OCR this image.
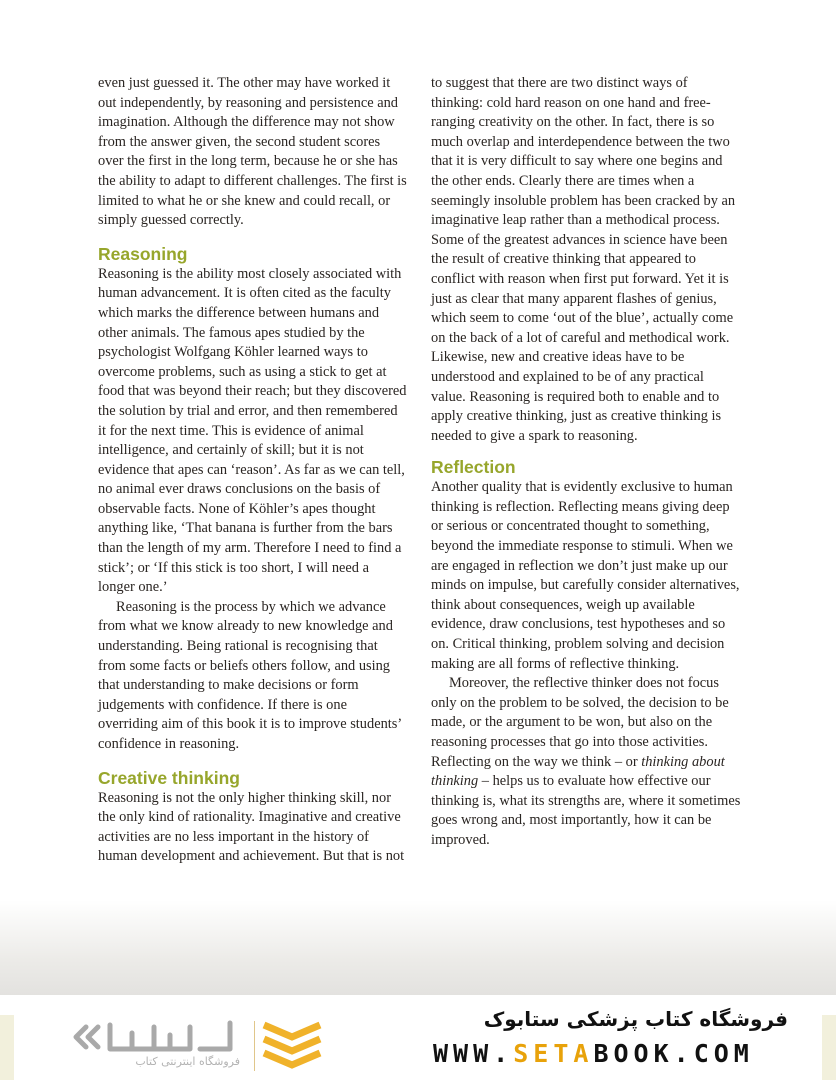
even just guessed it. The other may have worked it out independently, by reasoning and persistence and imagination. Although the difference may not show from the answer given, the second student scores over the first in the long term, because he or she has the ability to adapt to different challenges. The first is limited to what he or she knew and could recall, or simply guessed correctly.

Reasoning

Reasoning is the ability most closely associated with human advancement. It is often cited as the faculty which marks the difference between humans and other animals. The famous apes studied by the psychologist Wolfgang Köhler learned ways to overcome problems, such as using a stick to get at food that was beyond their reach; but they discovered the solution by trial and error, and then remembered it for the next time. This is evidence of animal intelligence, and certainly of skill; but it is not evidence that apes can ‘reason’. As far as we can tell, no animal ever draws conclusions on the basis of observable facts. None of Köhler’s apes thought anything like, ‘That banana is further from the bars than the length of my arm. Therefore I need to find a stick’; or ‘If this stick is too short, I will need a longer one.’

Reasoning is the process by which we advance from what we know already to new knowledge and understanding. Being rational is recognising that from some facts or beliefs others follow, and using that understanding to make decisions or form judgements with confidence. If there is one overriding aim of this book it is to improve students’ confidence in reasoning.

Creative thinking

Reasoning is not the only higher thinking skill, nor the only kind of rationality. Imaginative and creative activities are no less important in the history of human development and achievement. But that is not

to suggest that there are two distinct ways of thinking: cold hard reason on one hand and free-ranging creativity on the other. In fact, there is so much overlap and interdependence between the two that it is very difficult to say where one begins and the other ends. Clearly there are times when a seemingly insoluble problem has been cracked by an imaginative leap rather than a methodical process. Some of the greatest advances in science have been the result of creative thinking that appeared to conflict with reason when first put forward. Yet it is just as clear that many apparent flashes of genius, which seem to come ‘out of the blue’, actually come on the back of a lot of careful and methodical work. Likewise, new and creative ideas have to be understood and explained to be of any practical value. Reasoning is required both to enable and to apply creative thinking, just as creative thinking is needed to give a spark to reasoning.

Reflection

Another quality that is evidently exclusive to human thinking is reflection. Reflecting means giving deep or serious or concentrated thought to something, beyond the immediate response to stimuli. When we are engaged in reflection we don’t just make up our minds on impulse, but carefully consider alternatives, think about consequences, weigh up available evidence, draw conclusions, test hypotheses and so on. Critical thinking, problem solving and decision making are all forms of reflective thinking.

Moreover, the reflective thinker does not focus only on the problem to be solved, the decision to be made, or the argument to be won, but also on the reasoning processes that go into those activities. Reflecting on the way we think – or thinking about thinking – helps us to evaluate how effective our thinking is, what its strengths are, where it sometimes goes wrong and, most importantly, how it can be improved.

فروشگاه اینترنتی کتاب
فروشگاه کتاب پزشکی ستابوک
WWW.SETABOOK.COM
